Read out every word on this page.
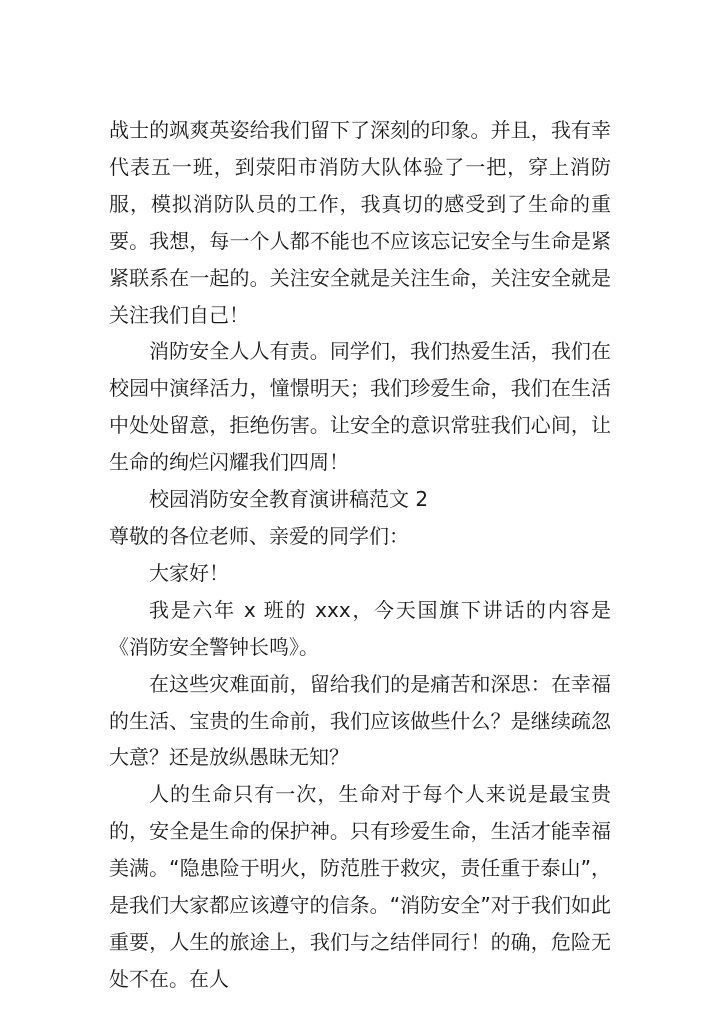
战士的飒爽英姿给我们留下了深刻的印象。并且，我有幸代表五一班，到荥阳市消防大队体验了一把，穿上消防服，模拟消防队员的工作，我真切的感受到了生命的重要。我想，每一个人都不能也不应该忘记安全与生命是紧紧联系在一起的。关注安全就是关注生命，关注安全就是关注我们自己！

消防安全人人有责。同学们，我们热爱生活，我们在校园中演绎活力，憧憬明天；我们珍爱生命，我们在生活中处处留意，拒绝伤害。让安全的意识常驻我们心间，让生命的绚烂闪耀我们四周！

校园消防安全教育演讲稿范文 2

尊敬的各位老师、亲爱的同学们：

大家好！

我是六年 x 班的 xxx，今天国旗下讲话的内容是《消防安全警钟长鸣》。

在这些灾难面前，留给我们的是痛苦和深思：在幸福的生活、宝贵的生命前，我们应该做些什么？是继续疏忽大意？还是放纵愚昧无知？

人的生命只有一次，生命对于每个人来说是最宝贵的，安全是生命的保护神。只有珍爱生命，生活才能幸福美满。“隐患险于明火，防范胜于救灾，责任重于泰山”，是我们大家都应该遵守的信条。“消防安全”对于我们如此重要，人生的旅途上，我们与之结伴同行！的确，危险无处不在。在人
